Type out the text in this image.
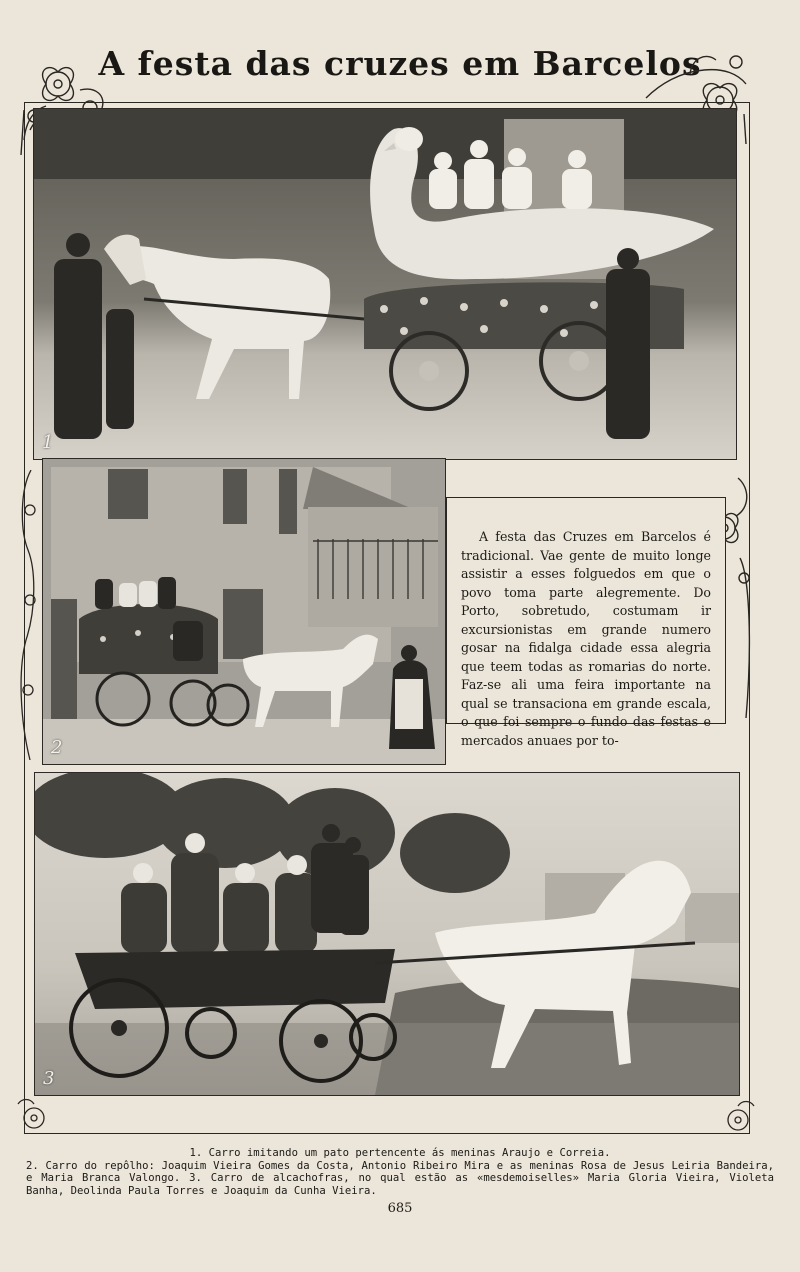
A festa das cruzes em Barcelos
1
2

A festa das Cruzes em Barcelos é tradicional. Vae gente de muito longe assistir a esses folguedos em que o povo toma parte alegremente. Do Porto, sobretudo, costumam ir excursionistas em grande numero gosar na fidalga cidade essa alegria que teem todas as romarias do norte. Faz-se ali uma feira importante na qual se transaciona em grande escala, o que foi sempre o fundo das festas e mercados anuaes por to-

3

1. Carro imitando um pato pertencente ás meninas Araujo e Correia.

2. Carro do repôlho: Joaquim Vieira Gomes da Costa, Antonio Ribeiro Mira e as meninas Rosa de Jesus Leiria Bandeira, e Maria Branca Valongo. 3. Carro de alcachofras, no qual estão as «mesdemoiselles» Maria Gloria Vieira, Violeta Banha, Deolinda Paula Torres e Joaquim da Cunha Vieira.

685
